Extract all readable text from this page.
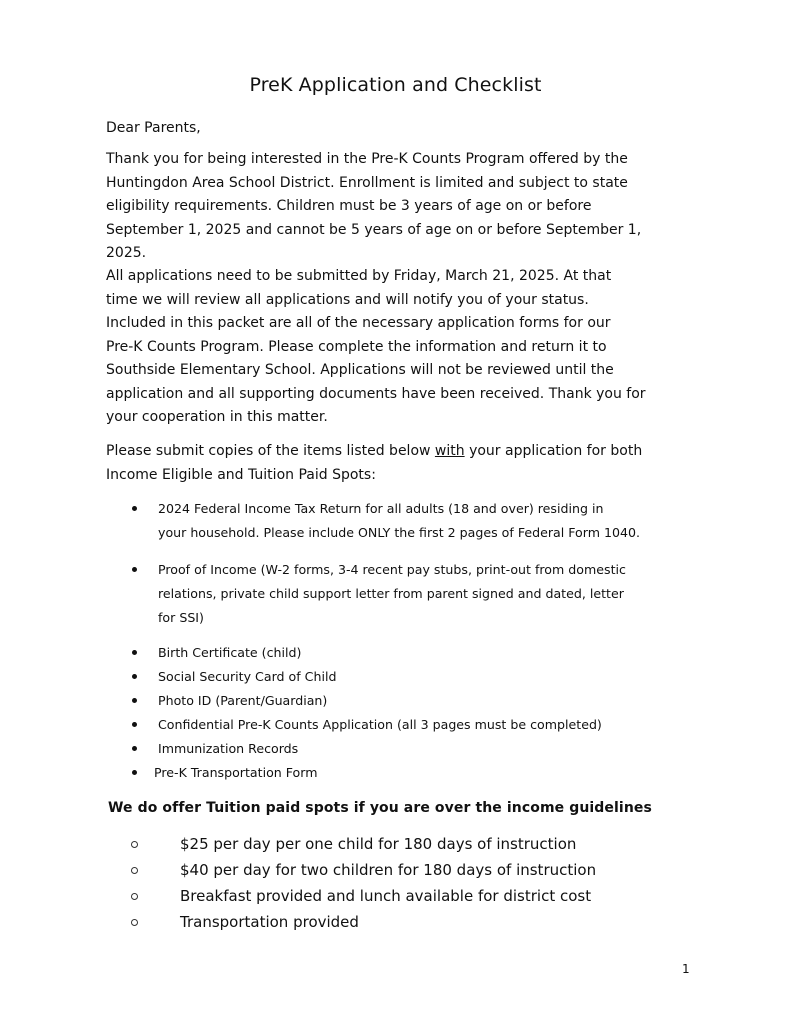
PreK Application and Checklist
Dear Parents,
Thank you for being interested in the Pre-K Counts Program offered by the
Huntingdon Area School District. Enrollment is limited and subject to state
eligibility requirements. Children must be 3 years of age on or before
September 1, 2025 and cannot be 5 years of age on or before September 1,
2025.
All applications need to be submitted by Friday, March 21, 2025. At that
time we will review all applications and will notify you of your status.
Included in this packet are all of the necessary application forms for our
Pre-K Counts Program. Please complete the information and return it to
Southside Elementary School. Applications will not be reviewed until the
application and all supporting documents have been received. Thank you for
your cooperation in this matter.
Please submit copies of the items listed below with your application for both
Income Eligible and Tuition Paid Spots:
2024 Federal Income Tax Return for all adults (18 and over) residing in
your household. Please include ONLY the first 2 pages of Federal Form 1040.
Proof of Income (W-2 forms, 3-4 recent pay stubs, print-out from domestic
relations, private child support letter from parent signed and dated, letter
for SSI)
Birth Certificate (child)
Social Security Card of Child
Photo ID (Parent/Guardian)
Confidential Pre-K Counts Application (all 3 pages must be completed)
Immunization Records
Pre-K Transportation Form
We do offer Tuition paid spots if you are over the income guidelines
$25 per day per one child for 180 days of instruction
$40 per day for two children for 180 days of instruction
Breakfast provided and lunch available for district cost
Transportation provided
1
